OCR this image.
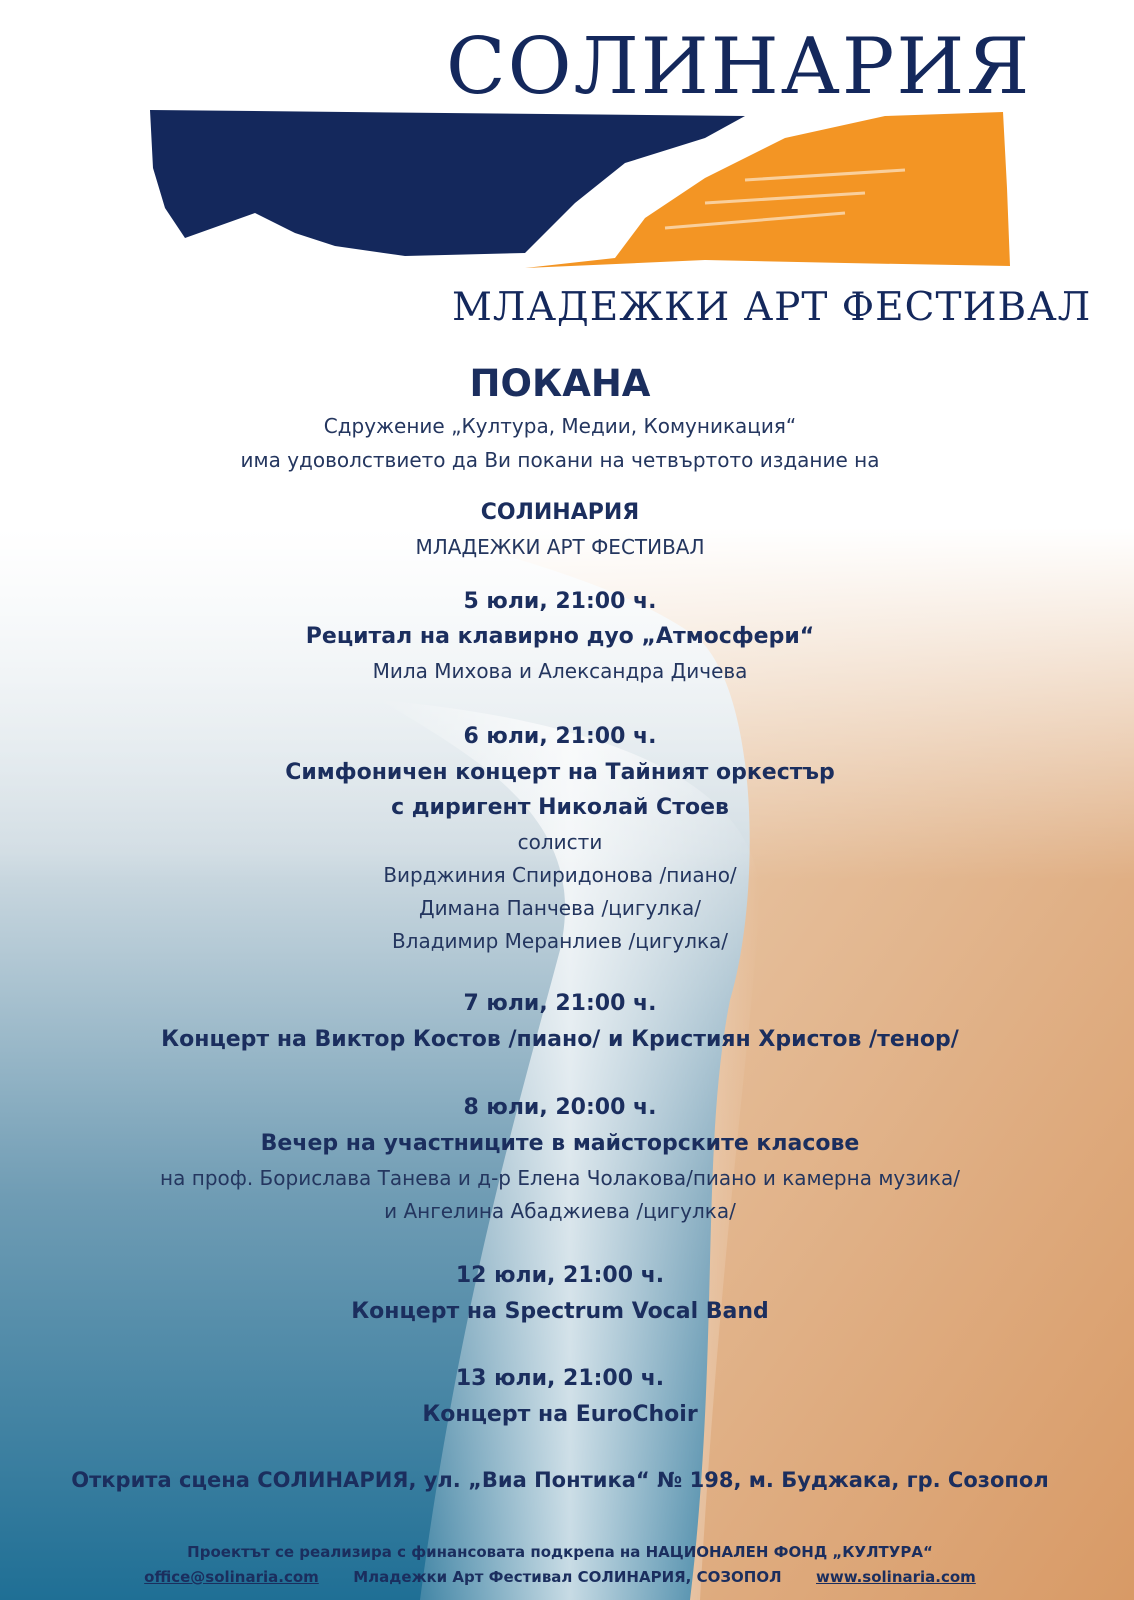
СОЛИНАРИЯ
МЛАДЕЖКИ АРТ ФЕСТИВАЛ
ПОКАНА
Сдружение „Култура, Медии, Комуникация“
има удоволствието да Ви покани на четвъртото издание на
СОЛИНАРИЯ
МЛАДЕЖКИ АРТ ФЕСТИВАЛ
5 юли, 21:00 ч.
Рецитал на клавирно дуо „Атмосфери“
Мила Михова и Александра Дичева
6 юли, 21:00 ч.
Симфоничен концерт на Тайният оркестър
с диригент Николай Стоев
солисти
Вирджиния Спиридонова /пиано/
Димана Панчева /цигулка/
Владимир Меранлиев /цигулка/
7 юли, 21:00 ч.
Концерт на Виктор Костов /пиано/ и Кристиян Христов /тенор/
8 юли, 20:00 ч.
Вечер на участниците в майсторските класове
на проф. Борислава Танева и д-р Елена Чолакова/пиано и камерна музика/
и Ангелина Абаджиева /цигулка/
12 юли, 21:00 ч.
Концерт на Spectrum Vocal Band
13 юли, 21:00 ч.
Концерт на EuroChoir
Открита сцена СОЛИНАРИЯ, ул. „Виа Понтика“ № 198, м. Буджака, гр. Созопол
Проектът се реализира с финансовата подкрепа на НАЦИОНАЛЕН ФОНД „КУЛТУРА“
office@solinaria.com Младежки Арт Фестивал СОЛИНАРИЯ, СОЗОПОЛ www.solinaria.com
